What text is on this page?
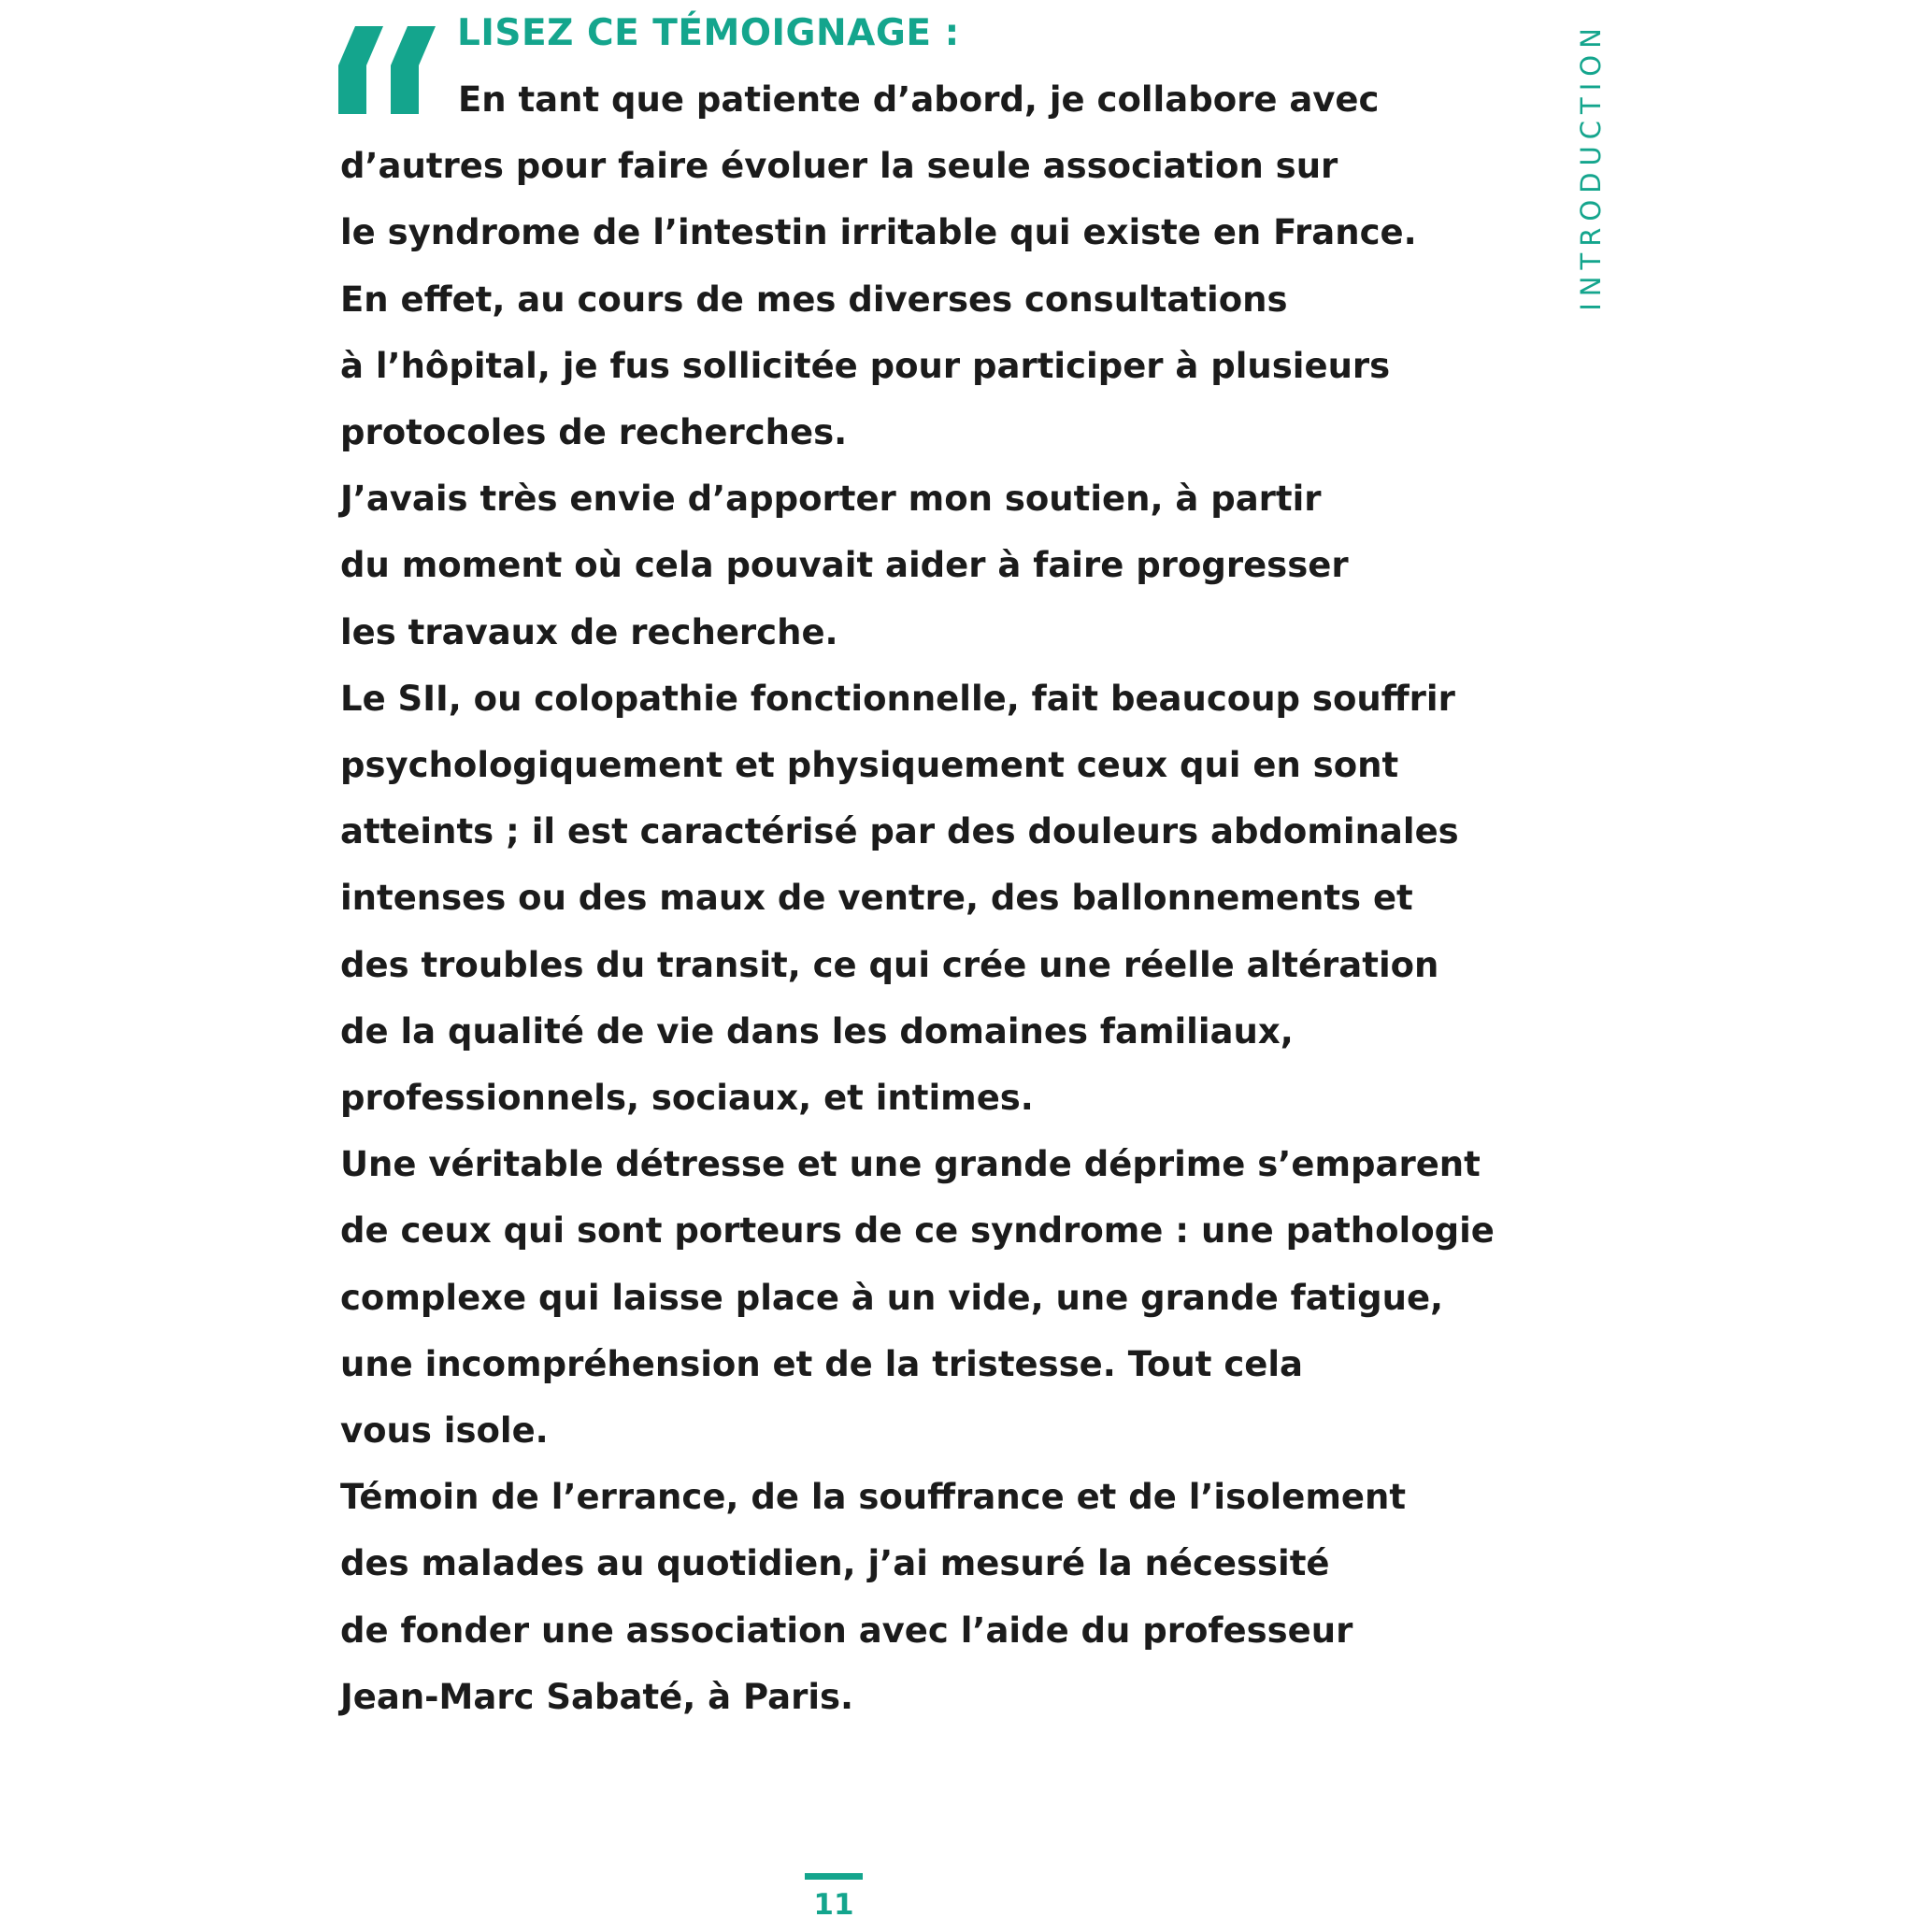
LISEZ CE TÉMOIGNAGE :	INTRODUCTION
En tant que patiente d’abord, je collabore avec
d’autres pour faire évoluer la seule association sur
le syndrome de l’intestin irritable qui existe en France.
En effet, au cours de mes diverses consultations
à l’hôpital, je fus sollicitée pour participer à plusieurs
protocoles de recherches.
J’avais très envie d’apporter mon soutien, à partir
du moment où cela pouvait aider à faire progresser
les travaux de recherche.
Le SII, ou colopathie fonctionnelle, fait beaucoup souffrir
psychologiquement et physiquement ceux qui en sont
atteints ; il est caractérisé par des douleurs abdominales
intenses ou des maux de ventre, des ballonnements et
des troubles du transit, ce qui crée une réelle altération
de la qualité de vie dans les domaines familiaux,
professionnels, sociaux, et intimes.
Une véritable détresse et une grande déprime s’emparent
de ceux qui sont porteurs de ce syndrome : une pathologie
complexe qui laisse place à un vide, une grande fatigue,
une incompréhension et de la tristesse. Tout cela
vous isole.
Témoin de l’errance, de la souffrance et de l’isolement
des malades au quotidien, j’ai mesuré la nécessité
de fonder une association avec l’aide du professeur
Jean-Marc Sabaté, à Paris.
11
